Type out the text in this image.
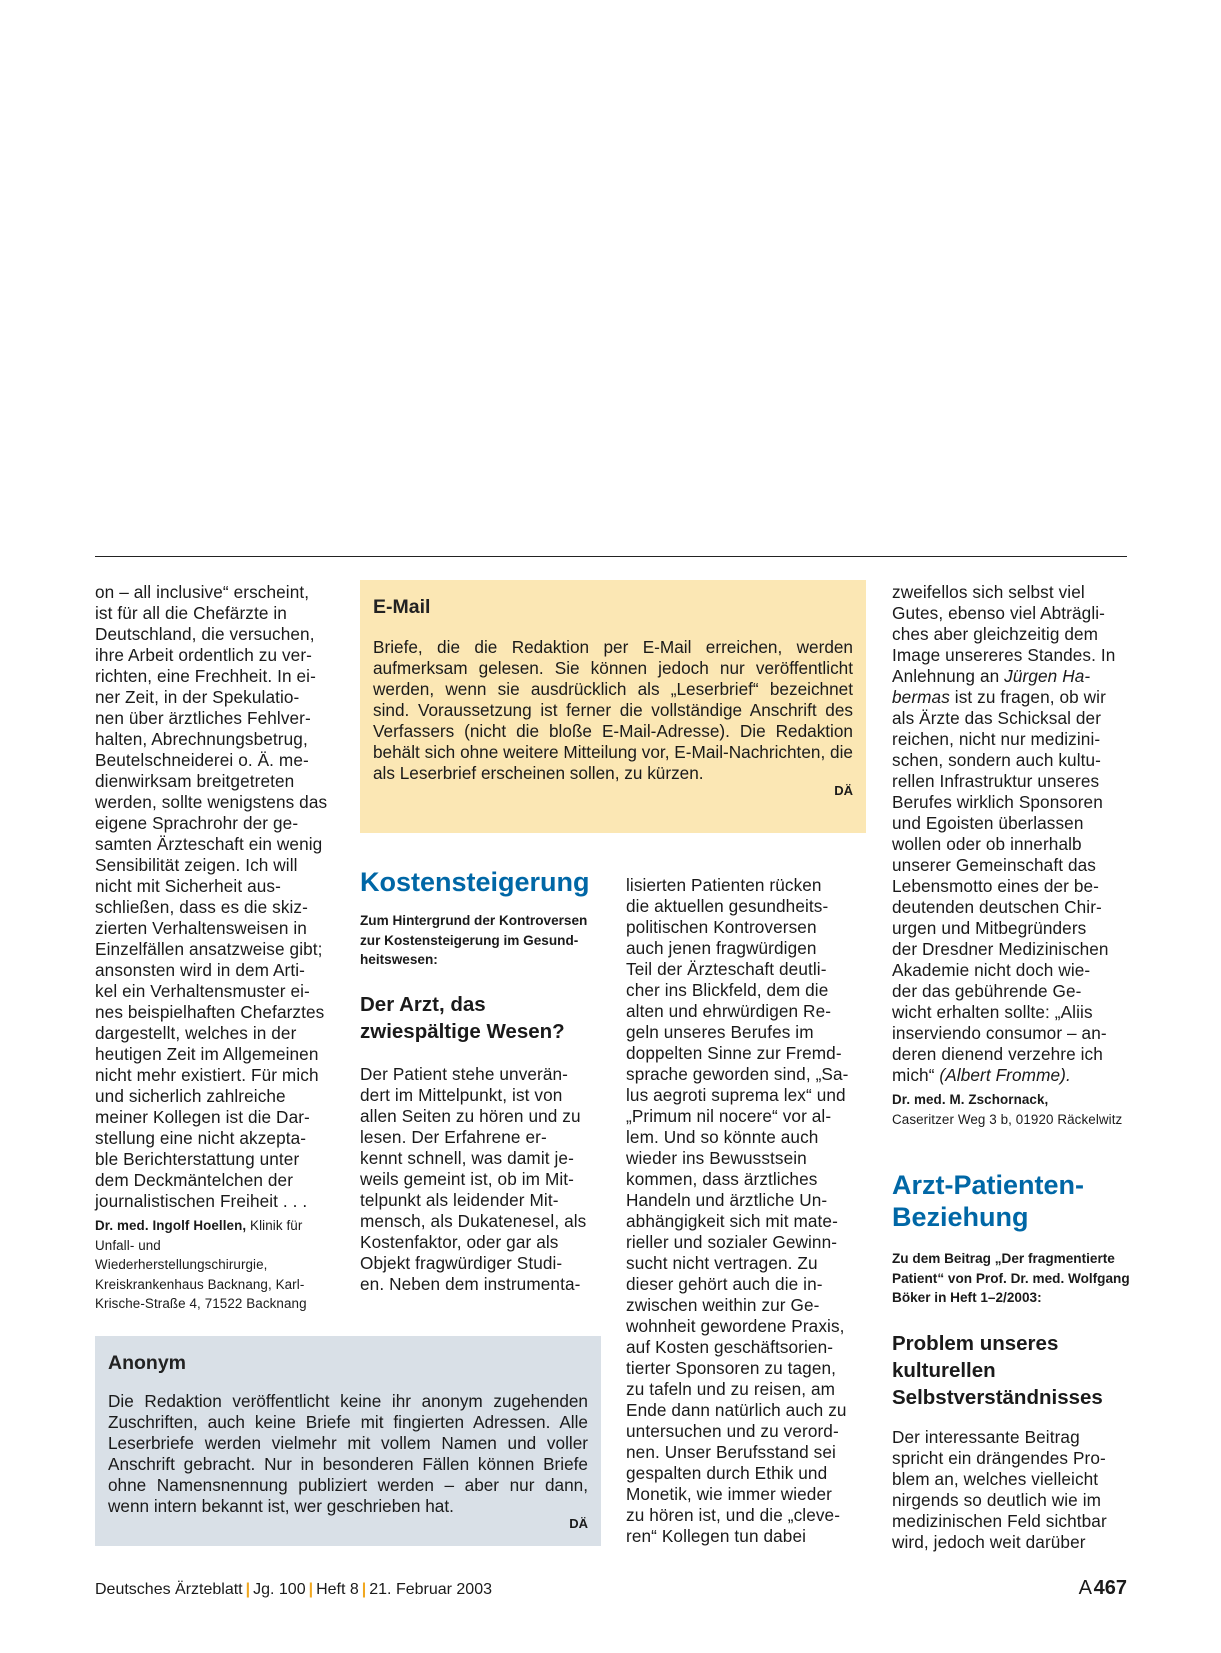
on – all inclusive“ erscheint,
ist für all die Chefärzte in
Deutschland, die versuchen,
ihre Arbeit ordentlich zu ver-
richten, eine Frechheit. In ei-
ner Zeit, in der Spekulatio-
nen über ärztliches Fehlver-
halten, Abrechnungsbetrug,
Beutelschneiderei o. Ä. me-
dienwirksam breitgetreten
werden, sollte wenigstens das
eigene Sprachrohr der ge-
samten Ärzteschaft ein wenig
Sensibilität zeigen. Ich will
nicht mit Sicherheit aus-
schließen, dass es die skiz-
zierten Verhaltensweisen in
Einzelfällen ansatzweise gibt;
ansonsten wird in dem Arti-
kel ein Verhaltensmuster ei-
nes beispielhaften Chefarztes
dargestellt, welches in der
heutigen Zeit im Allgemeinen
nicht mehr existiert. Für mich
und sicherlich zahlreiche
meiner Kollegen ist die Dar-
stellung eine nicht akzepta-
ble Berichterstattung unter
dem Deckmäntelchen der
journalistischen Freiheit . . .
Dr. med. Ingolf Hoellen, Klinik für
Unfall- und Wiederherstellungschirurgie,
Kreiskrankenhaus Backnang, Karl-
Krische-Straße 4, 71522 Backnang
E-Mail
Briefe, die die Redaktion per E-Mail erreichen, werden aufmerksam gelesen. Sie können jedoch nur veröffentlicht werden, wenn sie ausdrücklich als „Leserbrief“ bezeichnet sind. Voraussetzung ist ferner die vollständige Anschrift des Verfassers (nicht die bloße E-Mail-Adresse). Die Redaktion behält sich ohne weitere Mitteilung vor, E-Mail-Nachrichten, die als Leserbrief erscheinen sollen, zu kürzen.
DÄ
Kostensteigerung
Zum Hintergrund der Kontroversen
zur Kostensteigerung im Gesund-
heitswesen:
Der Arzt, das
zwiespältige Wesen?
Der Patient stehe unverän-
dert im Mittelpunkt, ist von
allen Seiten zu hören und zu
lesen. Der Erfahrene er-
kennt schnell, was damit je-
weils gemeint ist, ob im Mit-
telpunkt als leidender Mit-
mensch, als Dukatenesel, als
Kostenfaktor, oder gar als
Objekt fragwürdiger Studi-
en. Neben dem instrumenta-
lisierten Patienten rücken
die aktuellen gesundheits-
politischen Kontroversen
auch jenen fragwürdigen
Teil der Ärzteschaft deutli-
cher ins Blickfeld, dem die
alten und ehrwürdigen Re-
geln unseres Berufes im
doppelten Sinne zur Fremd-
sprache geworden sind, „Sa-
lus aegroti suprema lex“ und
„Primum nil nocere“ vor al-
lem. Und so könnte auch
wieder ins Bewusstsein
kommen, dass ärztliches
Handeln und ärztliche Un-
abhängigkeit sich mit mate-
rieller und sozialer Gewinn-
sucht nicht vertragen. Zu
dieser gehört auch die in-
zwischen weithin zur Ge-
wohnheit gewordene Praxis,
auf Kosten geschäftsorien-
tierter Sponsoren zu tagen,
zu tafeln und zu reisen, am
Ende dann natürlich auch zu
untersuchen und zu verord-
nen. Unser Berufsstand sei
gespalten durch Ethik und
Monetik, wie immer wieder
zu hören ist, und die „cleve-
ren“ Kollegen tun dabei
zweifellos sich selbst viel
Gutes, ebenso viel Abträgli-
ches aber gleichzeitig dem
Image unsereres Standes. In
Anlehnung an Jürgen Ha-
bermas ist zu fragen, ob wir
als Ärzte das Schicksal der
reichen, nicht nur medizini-
schen, sondern auch kultu-
rellen Infrastruktur unseres
Berufes wirklich Sponsoren
und Egoisten überlassen
wollen oder ob innerhalb
unserer Gemeinschaft das
Lebensmotto eines der be-
deutenden deutschen Chir-
urgen und Mitbegründers
der Dresdner Medizinischen
Akademie nicht doch wie-
der das gebührende Ge-
wicht erhalten sollte: „Aliis
inserviendo consumor – an-
deren dienend verzehre ich
mich“ (Albert Fromme).
Dr. med. M. Zschornack,
Caseritzer Weg 3 b, 01920 Räckelwitz
Arzt-Patienten-
Beziehung
Zu dem Beitrag „Der fragmentierte
Patient“ von Prof. Dr. med. Wolfgang
Böker in Heft 1–2/2003:
Problem unseres
kulturellen
Selbstverständnisses
Der interessante Beitrag
spricht ein drängendes Pro-
blem an, welches vielleicht
nirgends so deutlich wie im
medizinischen Feld sichtbar
wird, jedoch weit darüber
Anonym
Die Redaktion veröffentlicht keine ihr anonym zugehenden Zuschriften, auch keine Briefe mit fingierten Adressen. Alle Leserbriefe werden vielmehr mit vollem Namen und voller Anschrift gebracht. Nur in besonderen Fällen können Briefe ohne Namensnennung publiziert werden – aber nur dann, wenn intern bekannt ist, wer geschrieben hat.
DÄ
Deutsches Ärzteblatt | Jg. 100 | Heft 8 | 21. Februar 2003	A 467
